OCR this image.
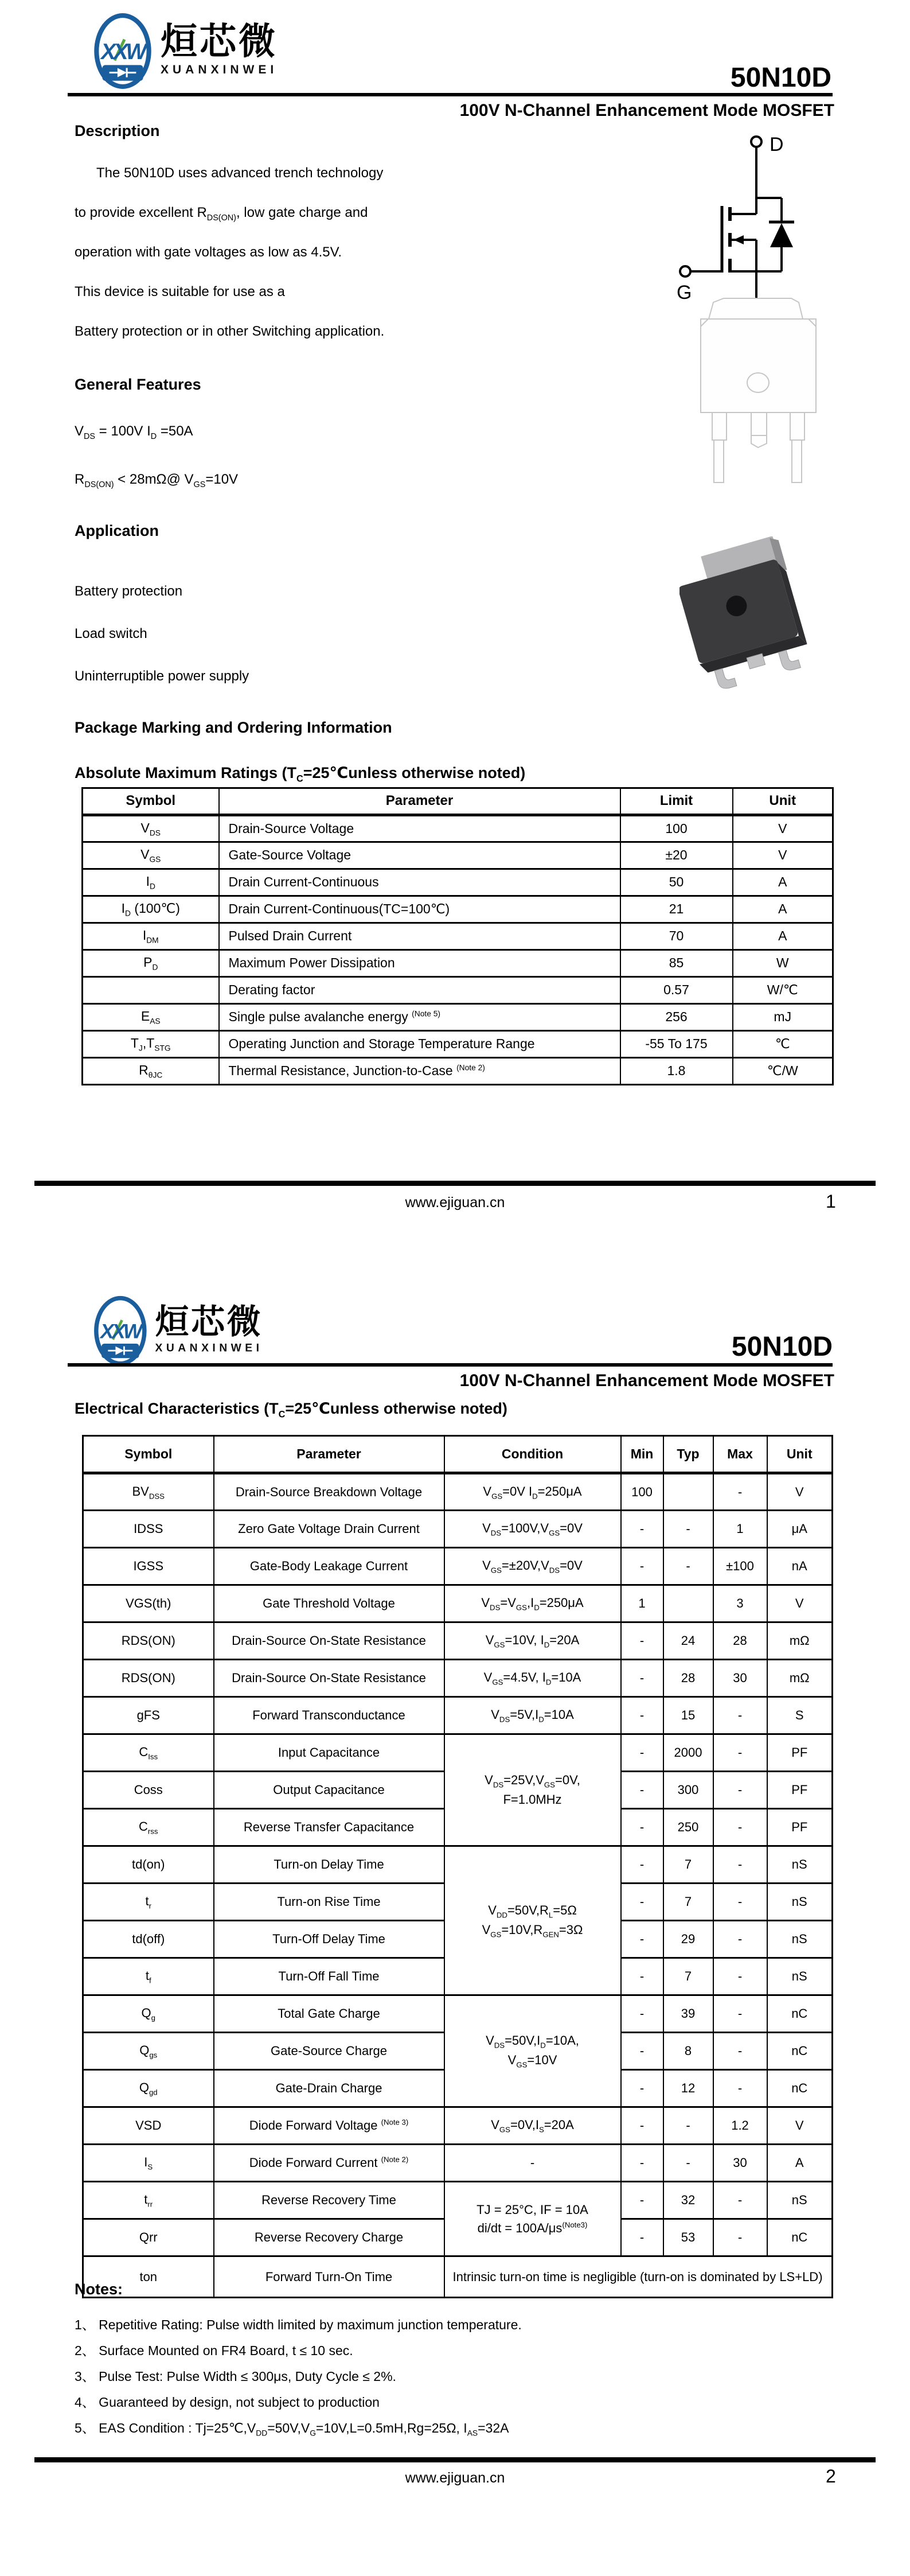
XXW 烜芯微
XUANXINWEI	50N10D
100V N-Channel Enhancement Mode MOSFET
Description

The 50N10D uses advanced trench technology

to provide excellent $R_{DS(ON)}$, low gate charge and

operation with gate voltages as low as 4.5V.

This device is suitable for use as a

Battery protection or in other Switching application.

General Features

$V_{DS} = 100V$ $I_D =50A$

$R_{DS(ON)}$ < 28mΩ@ $V_{GS}=10V$

Application

Battery protection

Load switch

Uninterruptible power supply

Package Marking and Ordering Information
Absolute Maximum Ratings ($T_C=25℃unless$ otherwise noted)
Symbol	Parameter	Limit	Unit
$V_{DS}$	Drain-Source Voltage	100	V
$V_{GS}$	Gate-Source Voltage	±20	V
$I_D$	Drain Current-Continuous	50	A
$I_D$ (100℃)	Drain Current-Continuous(TC=100℃)	21	A
$I_{DM}$	Pulsed Drain Current	70	A
$P_D$	Maximum Power Dissipation	85	W
	Derating factor	0.57	W/℃
$E_{AS}$	Single pulse avalanche energy $^{(Note 5)}$	256	mJ
$T_J,T_{STG}$	Operating Junction and Storage Temperature Range	-55 To 175	℃
$R_{\theta JC}$	Thermal Resistance, Junction-to-Case $^{(Note 2)}$	1.8	℃/W
D
G
www.ejiguan.cn	1
XXW 烜芯微
XUANXINWEI	50N10D
100V N-Channel Enhancement Mode MOSFET
Electrical Characteristics ($T_C=25℃unless$ otherwise noted)
Symbol	Parameter	Condition	Min	Typ	Max	Unit
$BV_{DSS}$	Drain-Source Breakdown Voltage	$V_{GS}=0V$ $I_D=250\mu A$	100		-	V
IDSS	Zero Gate Voltage Drain Current	$V_{DS}=100V,V_{GS}=0V$	-	-	1	μA
IGSS	Gate-Body Leakage Current	$V_{GS}=\pm 20V,V_{DS}=0V$	-	-	±100	nA
VGS(th)	Gate Threshold Voltage	$V_{DS}=V_{GS},I_D=250\mu A$	1		3	V
RDS(ON)	Drain-Source On-State Resistance	$V_{GS}=10V$, $I_D=20A$	-	24	28	mΩ
RDS(ON)	Drain-Source On-State Resistance	$V_{GS}=4.5V$, $I_D=10A$	-	28	30	mΩ
gFS	Forward Transconductance	$V_{DS}=5V,I_D=10A$	-	15	-	S
$C_{Iss}$	Input Capacitance	$V_{DS}=25V,V_{GS}=0V$,
F=1.0MHz	-	2000	-	PF
Coss	Output Capacitance		-	300	-	PF
$C_{rss}$	Reverse Transfer Capacitance		-	250	-	PF
td(on)	Turn-on Delay Time	$V_{DD}=50V,R_L=5\Omega$
$V_{GS}=10V,R_{GEN}=3\Omega$	-	7	-	nS
$t_r$	Turn-on Rise Time		-	7	-	nS
td(off)	Turn-Off Delay Time		-	29	-	nS
$t_f$	Turn-Off Fall Time		-	7	-	nS
$Q_g$	Total Gate Charge	$V_{DS}=50V,I_D=10A$,
$V_{GS}=10V$	-	39	-	nC
$Q_{gs}$	Gate-Source Charge		-	8	-	nC
$Q_{gd}$	Gate-Drain Charge		-	12	-	nC
VSD	Diode Forward Voltage $^{(Note 3)}$	$V_{GS}=0V,I_S=20A$	-	-	1.2	V
$I_S$	Diode Forward Current $^{(Note 2)}$	-	-	-	30	A
$t_{rr}$	Reverse Recovery Time	TJ = 25°C, IF = 10A
$di/dt = 100A/\mu s^{(Note3)}$	-	32	-	nS
Qrr	Reverse Recovery Charge		-	53	-	nC
ton	Forward Turn-On Time	Intrinsic turn-on time is negligible (turn-on is dominated by LS+LD)				
Notes:

1、 Repetitive Rating: Pulse width limited by maximum junction temperature.

2、 Surface Mounted on FR4 Board, t ≤ 10 sec.

3、 Pulse Test: Pulse Width ≤ 300μs, Duty Cycle ≤ 2%.

4、 Guaranteed by design, not subject to production

5、 EAS Condition : $Tj=25℃,V_{DD}=50V,V_G=10V,L=0.5mH,Rg=25\Omega$, $I_{AS}=32A$

www.ejiguan.cn	2
